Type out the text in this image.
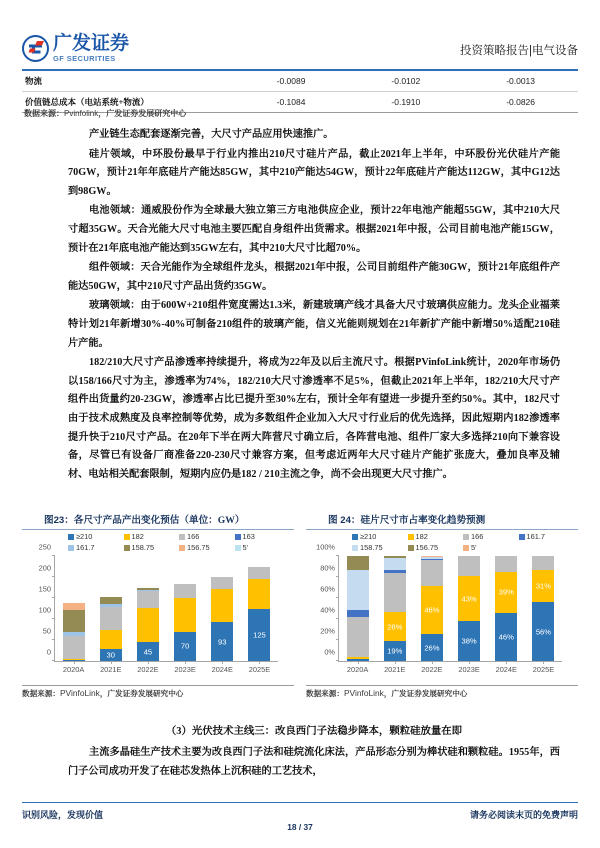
广发证券
GF SECURITIES
投资策略报告|电气设备
物流	-0.0089	-0.0102	-0.0013
价值链总成本（电站系统+物流）	-0.1084	-0.1910	-0.0826
数据来源：Pvinfolink，广发证券发展研究中心

产业链生态配套逐渐完善，大尺寸产品应用快速推广。

硅片领域，中环股份最早于行业内推出210尺寸硅片产品，截止2021年上半年，中环股份光伏硅片产能70GW，预计21年年底硅片产能达85GW，其中210产能达54GW，预计22年底硅片产能达112GW，其中G12达到98GW。

电池领域：通威股份作为全球最大独立第三方电池供应企业，预计22年电池产能超55GW，其中210大尺寸超35GW。天合光能大尺寸电池主要匹配自身组件出货需求。根据2021年中报，公司目前电池产能15GW，预计在21年底电池产能达到35GW左右，其中210大尺寸比超70%。

组件领域：天合光能作为全球组件龙头，根据2021年中报，公司目前组件产能30GW，预计21年底组件产能达50GW，其中210尺寸产品出货约35GW。

玻璃领域：由于600W+210组件宽度需达1.3米，新建玻璃产线才具备大尺寸玻璃供应能力。龙头企业福莱特计划21年新增30%-40%可制备210组件的玻璃产能，信义光能则规划在21年新扩产能中新增50%适配210硅片产能。

182/210大尺寸产品渗透率持续提升，将成为22年及以后主流尺寸。根据PVinfoLink统计，2020年市场仍以158/166尺寸为主，渗透率为74%，182/210大尺寸渗透率不足5%，但截止2021年上半年，182/210大尺寸产组件出货量约20-23GW，渗透率占比已提升至30%左右，预计全年有望进一步提升至约50%。其中，182尺寸由于技术成熟度及良率控制等优势，成为多数组件企业加入大尺寸行业后的优先选择，因此短期内182渗透率提升快于210尺寸产品。在20年下半在两大阵营尺寸确立后，各阵营电池、组件厂家大多选择210向下兼容设备，尽管已有设备厂商准备220-230尺寸兼容方案，但考虑近两年大尺寸硅片产能扩张庞大，叠加良率及辅材、电站相关配套限制，短期内应仍是182 / 210主流之争，尚不会出现更大尺寸推广。

图23：各尺寸产品产出变化预估（单位：GW）
≥210	182	166	163
161.7	158.75	156.75	5'
2020A
30
2021E
45
2022E
70
2023E
93
2024E
125
2025E
0
50
100
150
200
250
数据来源：PVinfoLink，广发证券发展研究中心
图 24：硅片尺寸市占率变化趋势预测
≥210	182	166	161.7
158.75	156.75	5'
2020A
19%
28%
2021E
26%
46%
2022E
38%
43%
2023E
46%
39%
2024E
56%
31%
2025E
0%
20%
40%
60%
80%
100%
数据来源：PVinfoLink，广发证券发展研究中心
（3）光伏技术主线三：改良西门子法稳步降本，颗粒硅放量在即

主流多晶硅生产技术主要为改良西门子法和硅烷流化床法，产品形态分别为棒状硅和颗粒硅。1955年，西门子公司成功开发了在硅芯发热体上沉积硅的工艺技术，

识别风险，发现价值	请务必阅读末页的免费声明
18 / 37
